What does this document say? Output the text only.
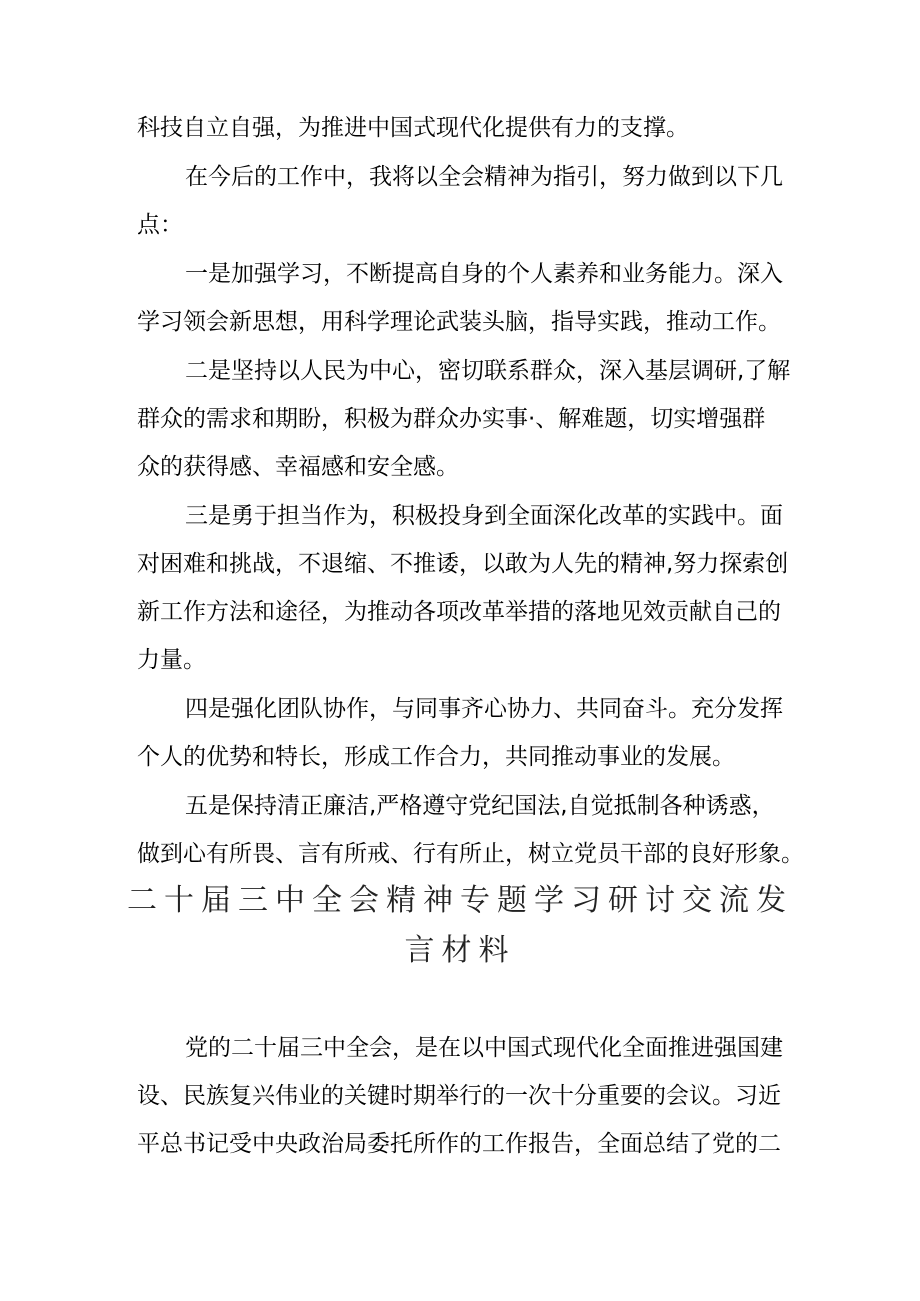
科技自立自强，为推进中国式现代化提供有力的支撑。
在今后的工作中，我将以全会精神为指引，努力做到以下几
点：
一是加强学习，不断提高自身的个人素养和业务能力。深入
学习领会新思想，用科学理论武装头脑，指导实践，推动工作。
二是坚持以人民为中心，密切联系群众，深入基层调研,了解
群众的需求和期盼，积极为群众办实事·、解难题，切实增强群
众的获得感、幸福感和安全感。
三是勇于担当作为，积极投身到全面深化改革的实践中。面
对困难和挑战，不退缩、不推诿，以敢为人先的精神,努力探索创
新工作方法和途径，为推动各项改革举措的落地见效贡献自己的
力量。
四是强化团队协作，与同事齐心协力、共同奋斗。充分发挥
个人的优势和特长，形成工作合力，共同推动事业的发展。
五是保持清正廉洁,严格遵守党纪国法,自觉抵制各种诱惑，
做到心有所畏、言有所戒、行有所止，树立党员干部的良好形象。
二十届三中全会精神专题学习研讨交流发
言材料
党的二十届三中全会，是在以中国式现代化全面推进强国建
设、民族复兴伟业的关键时期举行的一次十分重要的会议。习近
平总书记受中央政治局委托所作的工作报告，全面总结了党的二
